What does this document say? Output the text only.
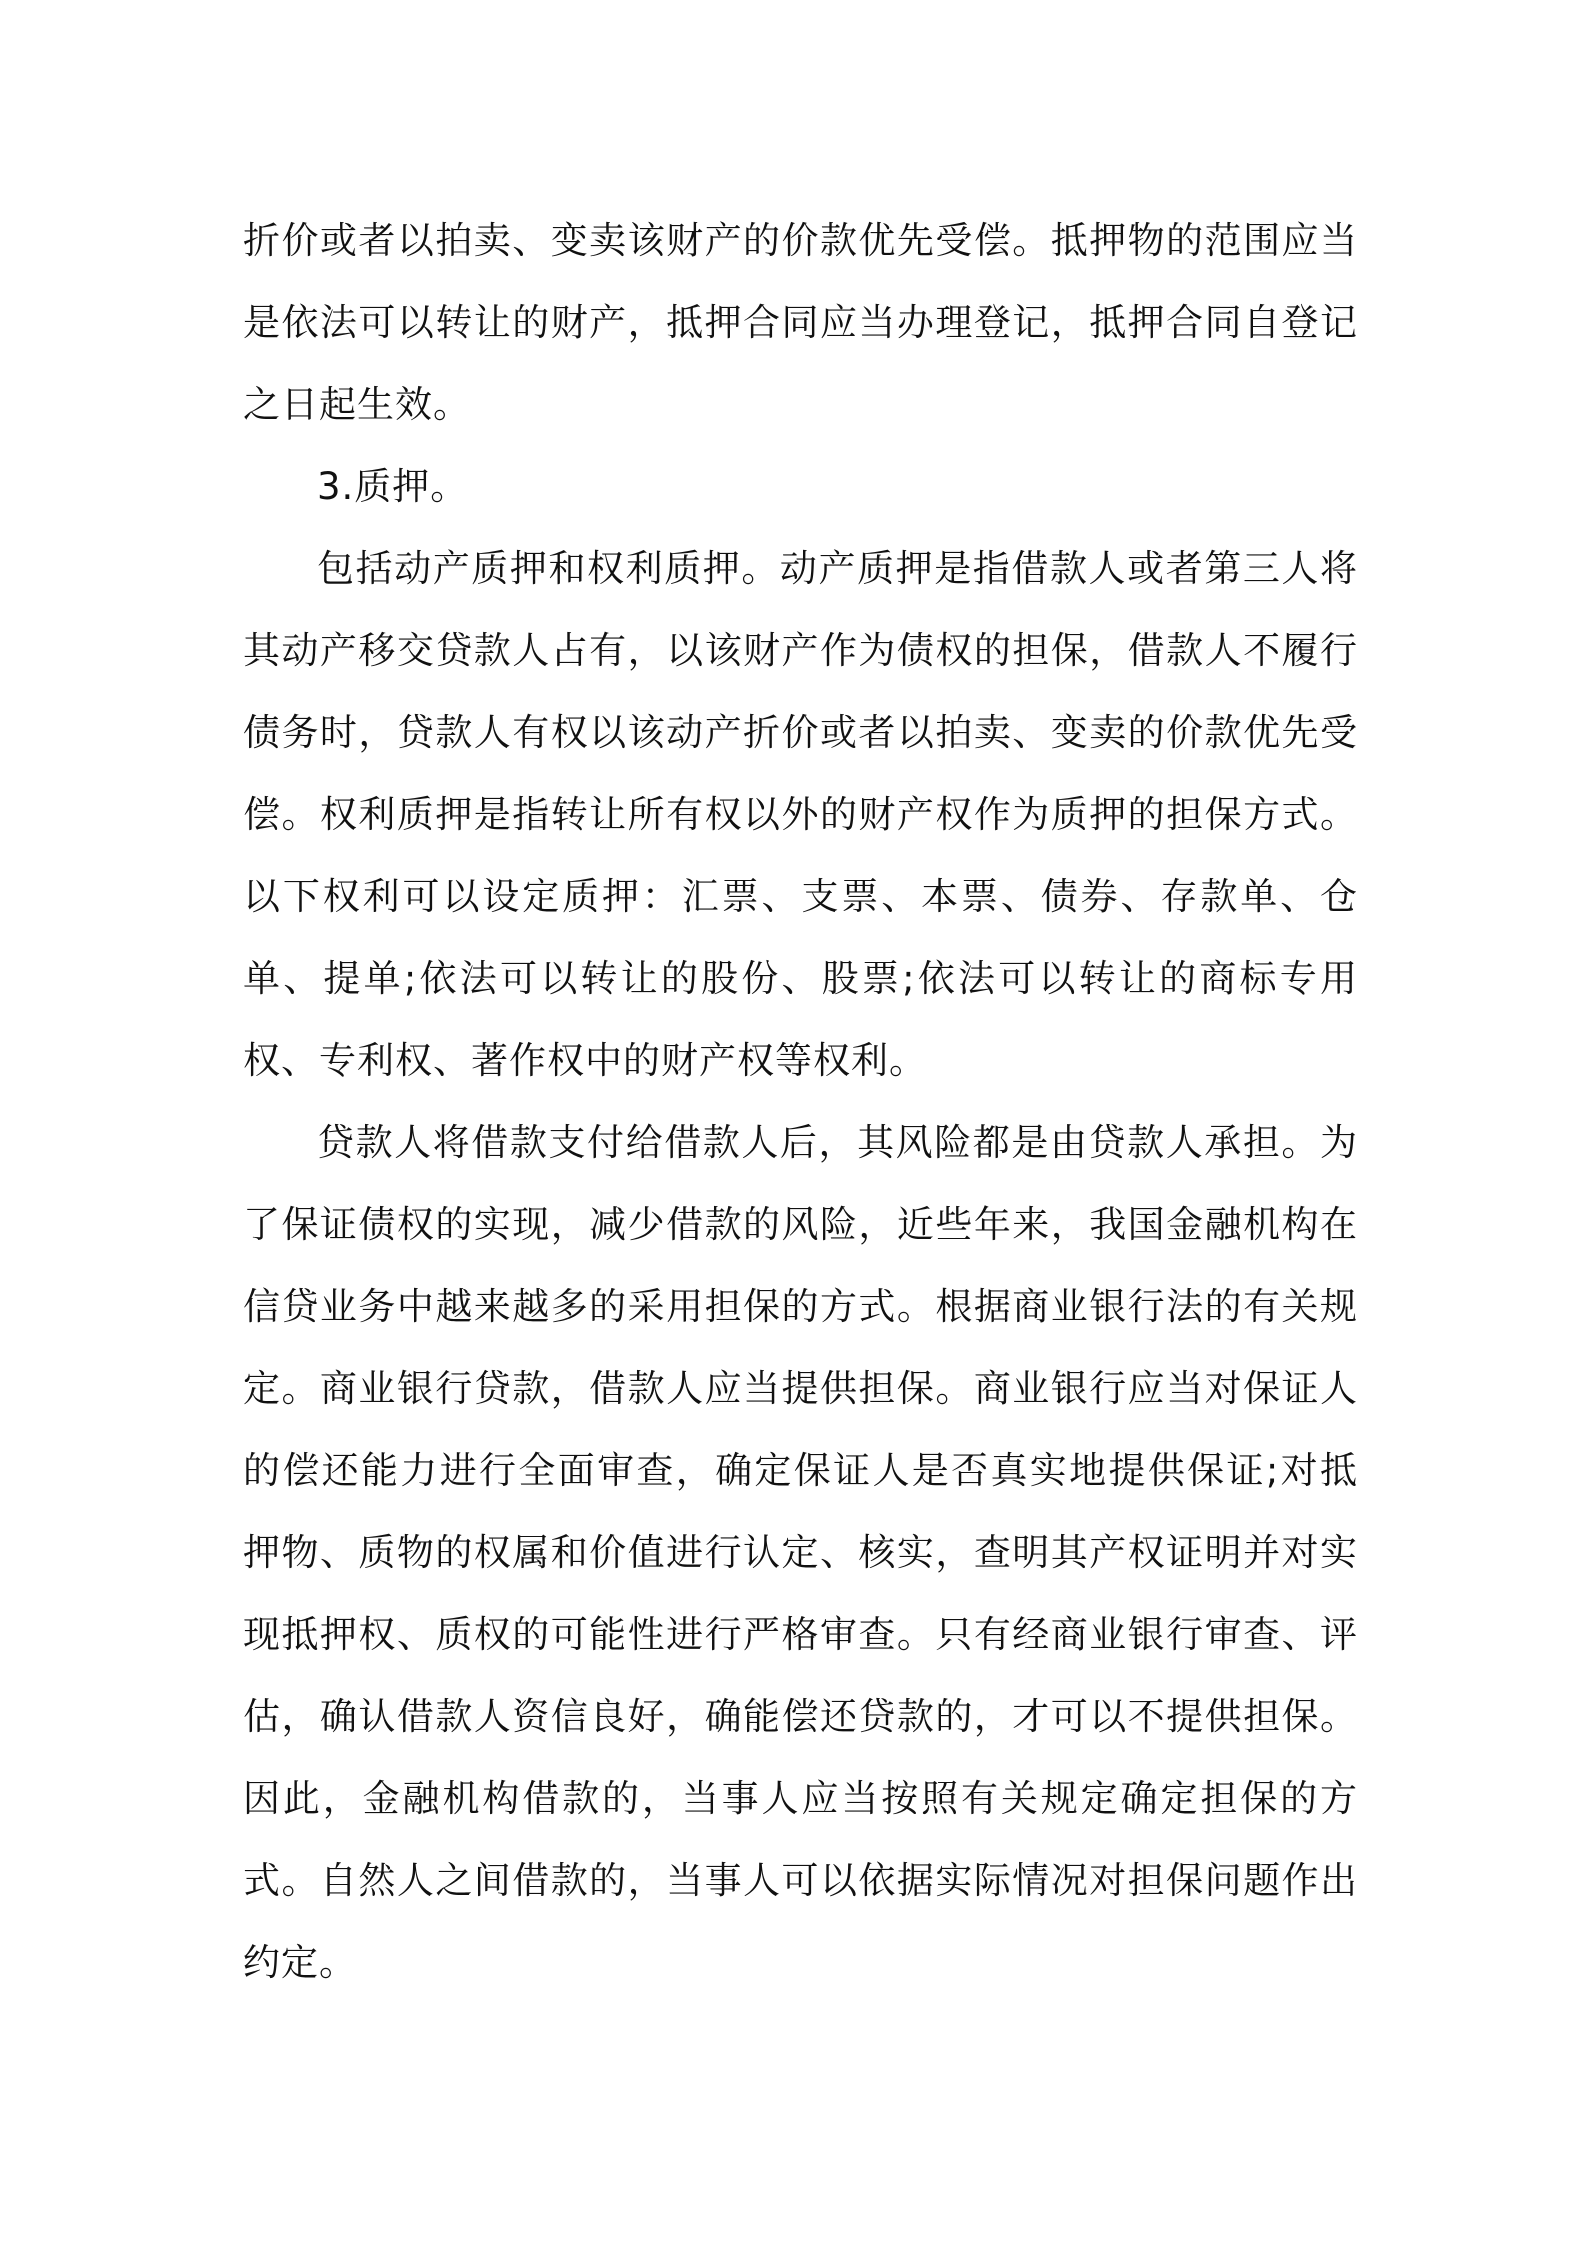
折价或者以拍卖、变卖该财产的价款优先受偿。抵押物的范围应当是依法可以转让的财产，抵押合同应当办理登记，抵押合同自登记之日起生效。

3.质押。

包括动产质押和权利质押。动产质押是指借款人或者第三人将其动产移交贷款人占有，以该财产作为债权的担保，借款人不履行债务时，贷款人有权以该动产折价或者以拍卖、变卖的价款优先受偿。权利质押是指转让所有权以外的财产权作为质押的担保方式。以下权利可以设定质押：汇票、支票、本票、债券、存款单、仓单、提单;依法可以转让的股份、股票;依法可以转让的商标专用权、专利权、著作权中的财产权等权利。

贷款人将借款支付给借款人后，其风险都是由贷款人承担。为了保证债权的实现，减少借款的风险，近些年来，我国金融机构在信贷业务中越来越多的采用担保的方式。根据商业银行法的有关规定。商业银行贷款，借款人应当提供担保。商业银行应当对保证人的偿还能力进行全面审查，确定保证人是否真实地提供保证;对抵押物、质物的权属和价值进行认定、核实，查明其产权证明并对实现抵押权、质权的可能性进行严格审查。只有经商业银行审查、评估，确认借款人资信良好，确能偿还贷款的，才可以不提供担保。因此，金融机构借款的，当事人应当按照有关规定确定担保的方式。自然人之间借款的，当事人可以依据实际情况对担保问题作出约定。
